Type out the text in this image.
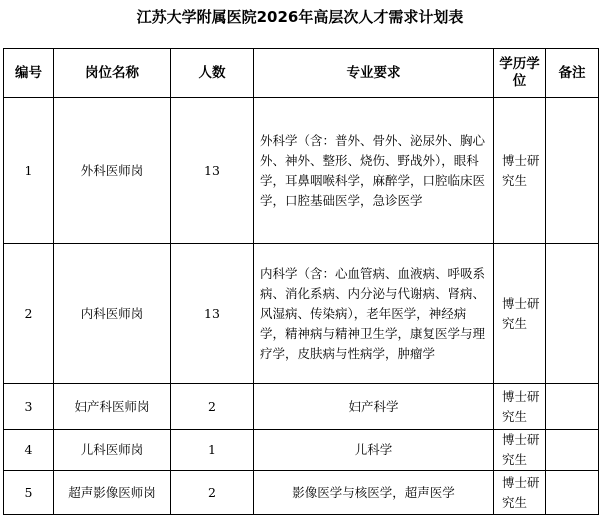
江苏大学附属医院2026年高层次人才需求计划表
编号	岗位名称	人数	专业要求	学历学位	备注
1	外科医师岗	13	外科学（含：普外、骨外、泌尿外、胸心外、神外、整形、烧伤、野战外），眼科学，耳鼻咽喉科学，麻醉学，口腔临床医学，口腔基础医学，急诊医学	博士研究生	
2	内科医师岗	13	内科学（含：心血管病、血液病、呼吸系病、消化系病、内分泌与代谢病、肾病、风湿病、传染病），老年医学，神经病学，精神病与精神卫生学，康复医学与理疗学，皮肤病与性病学，肿瘤学	博士研究生	
3	妇产科医师岗	2	妇产科学	博士研究生	
4	儿科医师岗	1	儿科学	博士研究生	
5	超声影像医师岗	2	影像医学与核医学，超声医学	博士研究生	
